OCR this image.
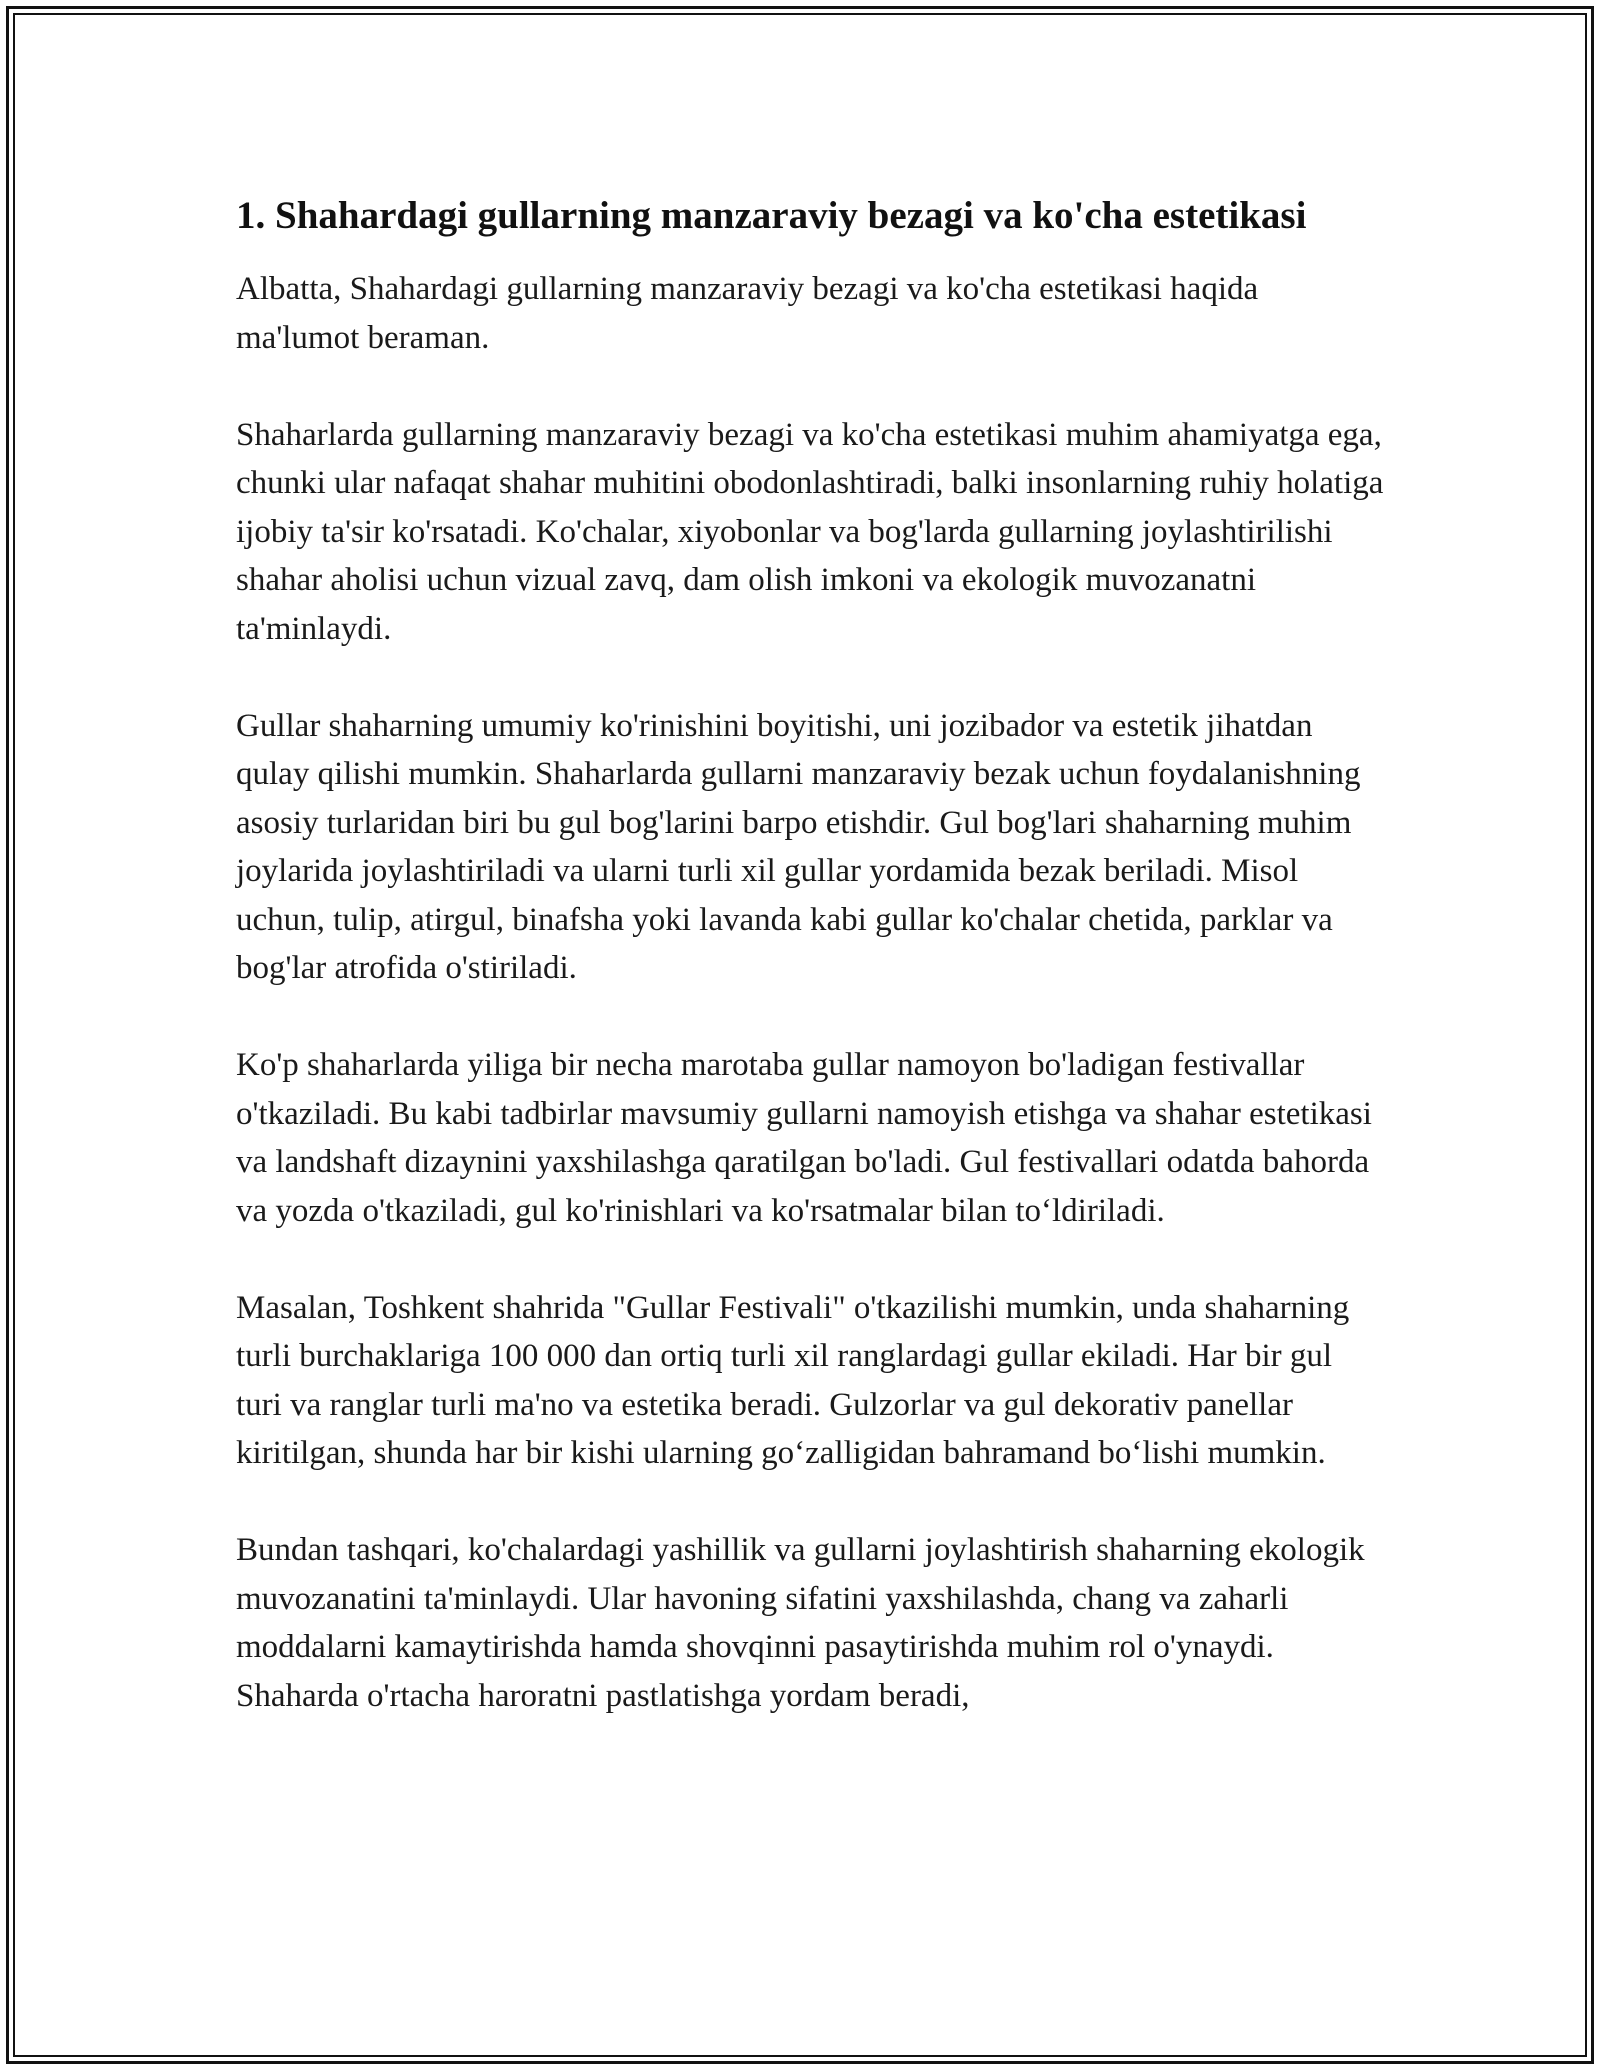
1. Shahardagi gullarning manzaraviy bezagi va ko'cha estetikasi

Albatta, Shahardagi gullarning manzaraviy bezagi va ko'cha estetikasi haqida ma'lumot beraman.

Shaharlarda gullarning manzaraviy bezagi va ko'cha estetikasi muhim ahamiyatga ega, chunki ular nafaqat shahar muhitini obodonlashtiradi, balki insonlarning ruhiy holatiga ijobiy ta'sir ko'rsatadi. Ko'chalar, xiyobonlar va bog'larda gullarning joylashtirilishi shahar aholisi uchun vizual zavq, dam olish imkoni va ekologik muvozanatni ta'minlaydi.

Gullar shaharning umumiy ko'rinishini boyitishi, uni jozibador va estetik jihatdan qulay qilishi mumkin. Shaharlarda gullarni manzaraviy bezak uchun foydalanishning asosiy turlaridan biri bu gul bog'larini barpo etishdir. Gul bog'lari shaharning muhim joylarida joylashtiriladi va ularni turli xil gullar yordamida bezak beriladi. Misol uchun, tulip, atirgul, binafsha yoki lavanda kabi gullar ko'chalar chetida, parklar va bog'lar atrofida o'stiriladi.

Ko'p shaharlarda yiliga bir necha marotaba gullar namoyon bo'ladigan festivallar o'tkaziladi. Bu kabi tadbirlar mavsumiy gullarni namoyish etishga va shahar estetikasi va landshaft dizaynini yaxshilashga qaratilgan bo'ladi. Gul festivallari odatda bahorda va yozda o'tkaziladi, gul ko'rinishlari va ko'rsatmalar bilan to‘ldiriladi.

Masalan, Toshkent shahrida "Gullar Festivali" o'tkazilishi mumkin, unda shaharning turli burchaklariga 100 000 dan ortiq turli xil ranglardagi gullar ekiladi. Har bir gul turi va ranglar turli ma'no va estetika beradi. Gulzorlar va gul dekorativ panellar kiritilgan, shunda har bir kishi ularning go‘zalligidan bahramand bo‘lishi mumkin.

Bundan tashqari, ko'chalardagi yashillik va gullarni joylashtirish shaharning ekologik muvozanatini ta'minlaydi. Ular havoning sifatini yaxshilashda, chang va zaharli moddalarni kamaytirishda hamda shovqinni pasaytirishda muhim rol o'ynaydi. Shaharda o'rtacha haroratni pastlatishga yordam beradi,
